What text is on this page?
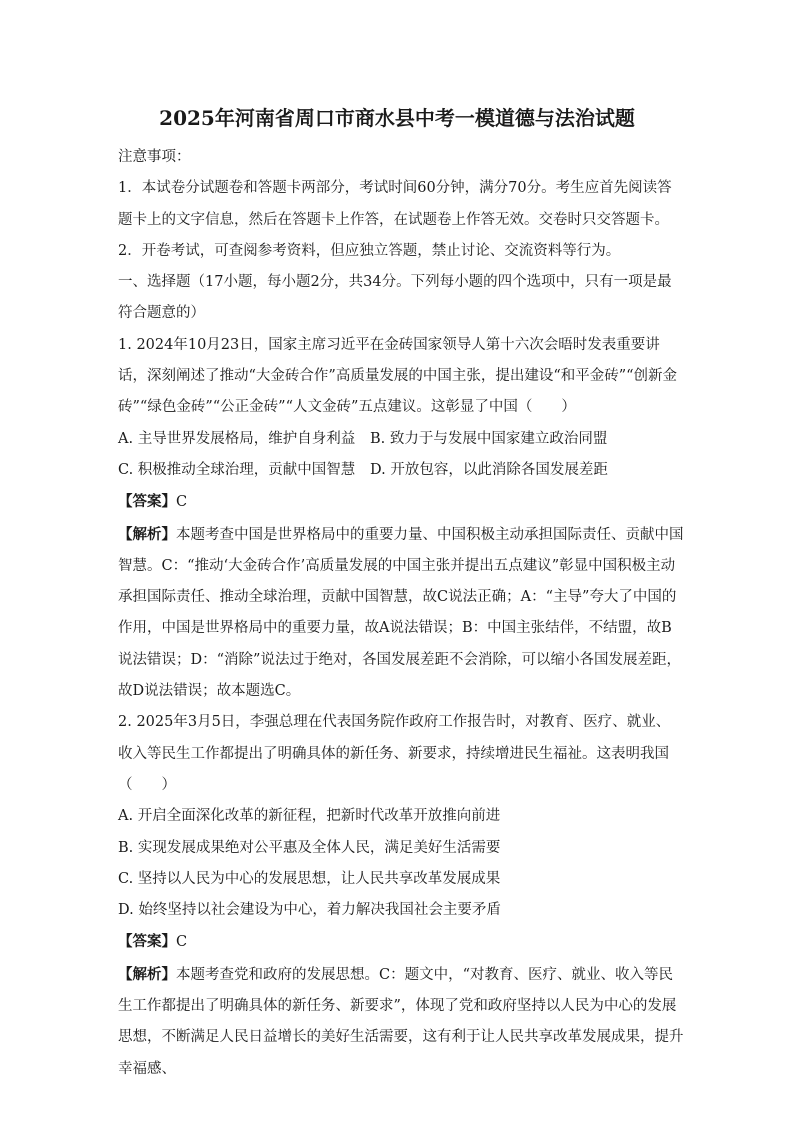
2025年河南省周口市商水县中考一模道德与法治试题

注意事项：

1．本试卷分试题卷和答题卡两部分，考试时间60分钟，满分70分。考生应首先阅读答题卡上的文字信息，然后在答题卡上作答，在试题卷上作答无效。交卷时只交答题卡。

2．开卷考试，可查阅参考资料，但应独立答题，禁止讨论、交流资料等行为。

一、选择题（17小题，每小题2分，共34分。下列每小题的四个选项中，只有一项是最符合题意的）

1. 2024年10月23日，国家主席习近平在金砖国家领导人第十六次会晤时发表重要讲话，深刻阐述了推动“大金砖合作”高质量发展的中国主张，提出建设“和平金砖”“创新金砖”“绿色金砖”“公正金砖”“人文金砖”五点建议。这彰显了中国（　　）

A. 主导世界发展格局，维护自身利益	B. 致力于与发展中国家建立政治同盟
C. 积极推动全球治理，贡献中国智慧	D. 开放包容，以此消除各国发展差距

【答案】C

【解析】本题考查中国是世界格局中的重要力量、中国积极主动承担国际责任、贡献中国智慧。C：“推动‘大金砖合作’高质量发展的中国主张并提出五点建议”彰显中国积极主动承担国际责任、推动全球治理，贡献中国智慧，故C说法正确；A：“主导”夸大了中国的作用，中国是世界格局中的重要力量，故A说法错误；B：中国主张结伴，不结盟，故B说法错误；D：“消除”说法过于绝对，各国发展差距不会消除，可以缩小各国发展差距，故D说法错误；故本题选C。

2. 2025年3月5日，李强总理在代表国务院作政府工作报告时，对教育、医疗、就业、收入等民生工作都提出了明确具体的新任务、新要求，持续增进民生福祉。这表明我国（　　）

A. 开启全面深化改革的新征程，把新时代改革开放推向前进

B. 实现发展成果绝对公平惠及全体人民，满足美好生活需要

C. 坚持以人民为中心的发展思想，让人民共享改革发展成果

D. 始终坚持以社会建设为中心，着力解决我国社会主要矛盾

【答案】C

【解析】本题考查党和政府的发展思想。C：题文中，“对教育、医疗、就业、收入等民生工作都提出了明确具体的新任务、新要求”，体现了党和政府坚持以人民为中心的发展思想，不断满足人民日益增长的美好生活需要，这有利于让人民共享改革发展成果，提升幸福感、
